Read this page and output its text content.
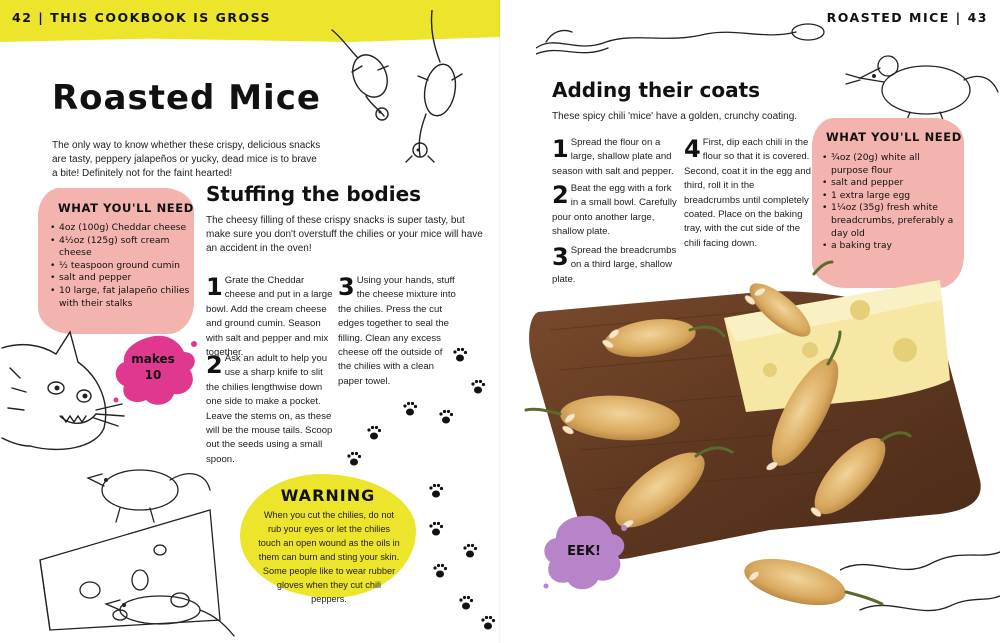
42 | THIS COOKBOOK IS GROSS
Roasted Mice

The only way to know whether these crispy, delicious snacks are tasty, peppery jalapeños or yucky, dead mice is to brave a bite! Definitely not for the faint hearted!

WHAT YOU'LL NEED
• 4oz (100g) Cheddar cheese
• 4½oz (125g) soft cream cheese
• ½ teaspoon ground cumin
• salt and pepper
• 10 large, fat jalapeño chilies with their stalks
makes
10
Stuffing the bodies

The cheesy filling of these crispy snacks is super tasty, but make sure you don't overstuff the chilies or your mice will have an accident in the oven!

1 Grate the Cheddar cheese and put in a large bowl. Add the cream cheese and ground cumin. Season with salt and pepper and mix together.
2 Ask an adult to help you use a sharp knife to slit the chilies lengthwise down one side to make a pocket. Leave the stems on, as these will be the mouse tails. Scoop out the seeds using a small spoon.
3 Using your hands, stuff the cheese mixture into the chilies. Press the cut edges together to seal the filling. Clean any excess cheese off the outside of the chilies with a clean paper towel.
WARNING

When you cut the chilies, do not rub your eyes or let the chilies touch an open wound as the oils in them can burn and sting your skin. Some people like to wear rubber gloves when they cut chili peppers.

ROASTED MICE | 43
Adding their coats

These spicy chili 'mice' have a golden, crunchy coating.

1 Spread the flour on a large, shallow plate and season with salt and pepper.
2 Beat the egg with a fork in a small bowl. Carefully pour onto another large, shallow plate.
3 Spread the breadcrumbs on a third large, shallow plate.
4 First, dip each chili in the flour so that it is covered. Second, coat it in the egg and third, roll it in the breadcrumbs until completely coated. Place on the baking tray, with the cut side of the chili facing down.
WHAT YOU'LL NEED
• ¾oz (20g) white all purpose flour
• salt and pepper
• 1 extra large egg
• 1¼oz (35g) fresh white breadcrumbs, preferably a day old
• a baking tray
EEK!
